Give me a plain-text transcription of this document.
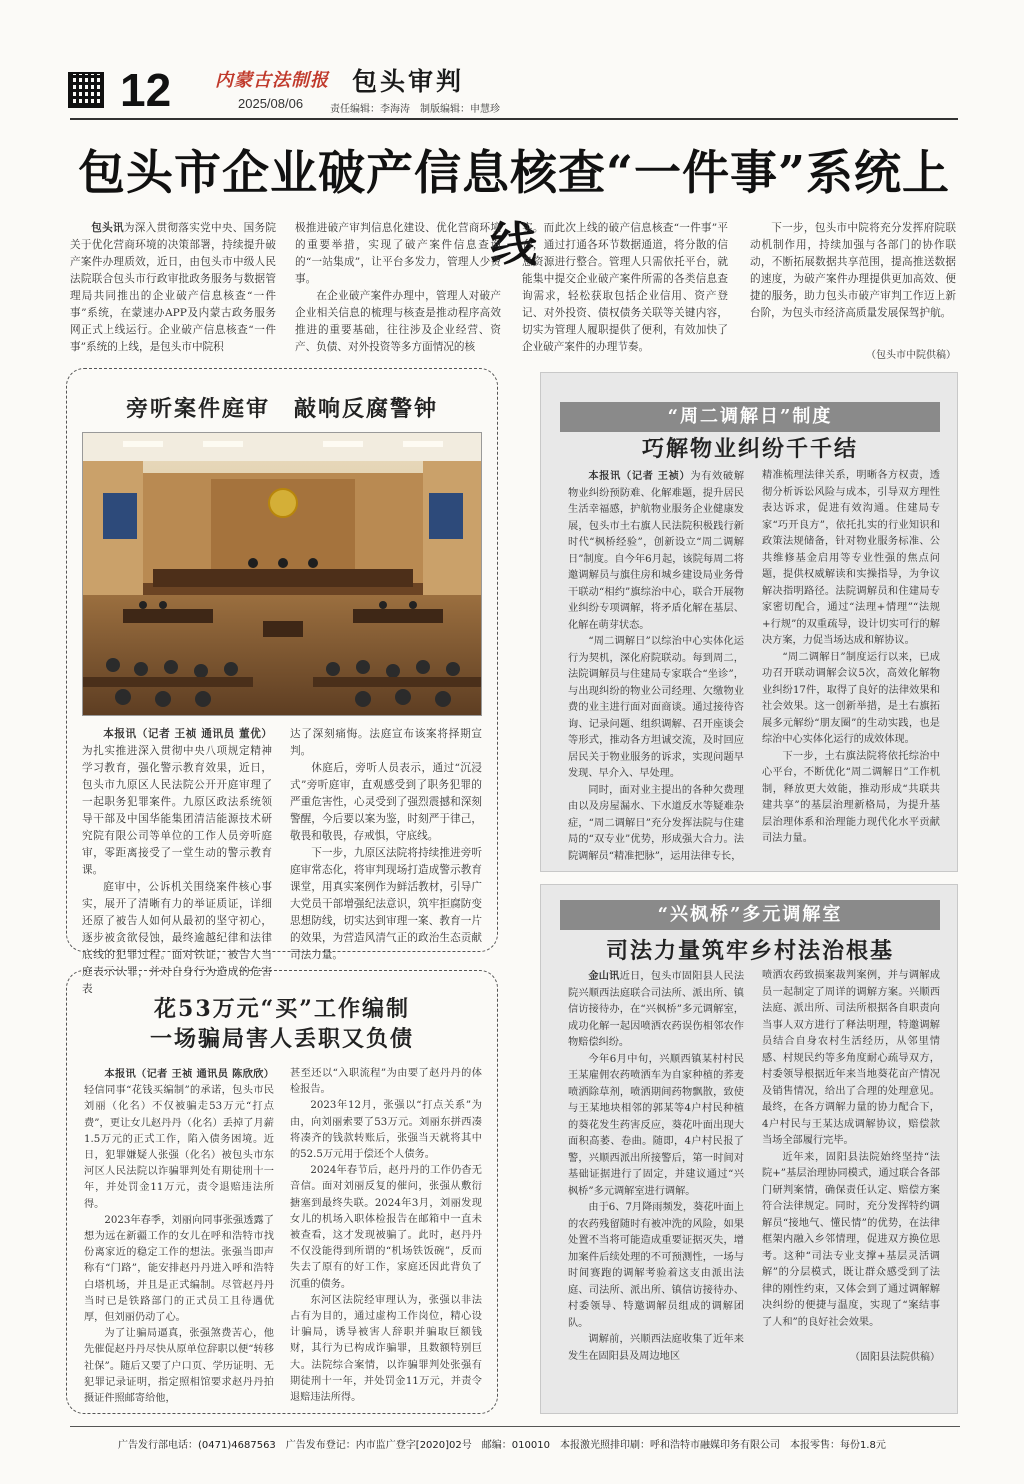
12 内蒙古法制报
2025/08/06
包头审判
责任编辑：李海涛　制版编辑：申慧珍
包头市企业破产信息核查“一件事”系统上线

包头讯为深入贯彻落实党中央、国务院关于优化营商环境的决策部署，持续提升破产案件办理质效，近日，由包头市中级人民法院联合包头市行政审批政务服务与数据管理局共同推出的企业破产信息核查“一件事”系统，在蒙速办APP及内蒙古政务服务网正式上线运行。企业破产信息核查“一件事”系统的上线，是包头市中院积

极推进破产审判信息化建设、优化营商环境的重要举措，实现了破产案件信息查询的“一站集成”，让平台多发力，管理人少费事。

在企业破产案件办理中，管理人对破产企业相关信息的梳理与核查是推动程序高效推进的重要基础，往往涉及企业经营、资产、负债、对外投资等多方面情况的核

实。而此次上线的破产信息核查“一件事”平台，通过打通各环节数据通道，将分散的信息资源进行整合。管理人只需依托平台，就能集中提交企业破产案件所需的各类信息查询需求，轻松获取包括企业信用、资产登记、对外投资、债权债务关联等关键内容，切实为管理人履职提供了便利，有效加快了企业破产案件的办理节奏。

下一步，包头市中院将充分发挥府院联动机制作用，持续加强与各部门的协作联动，不断拓展数据共享范围，提高推送数据的速度，为破产案件办理提供更加高效、便捷的服务，助力包头市破产审判工作迈上新台阶，为包头市经济高质量发展保驾护航。

（包头市中院供稿）
旁听案件庭审　敲响反腐警钟

本报讯（记者 王祯 通讯员 董优）为扎实推进深入贯彻中央八项规定精神学习教育，强化警示教育效果，近日，包头市九原区人民法院公开开庭审理了一起职务犯罪案件。九原区政法系统领导干部及中国华能集团清洁能源技术研究院有限公司等单位的工作人员旁听庭审，零距离接受了一堂生动的警示教育课。

庭审中，公诉机关围绕案件核心事实，展开了清晰有力的举证质证，详细还原了被告人如何从最初的坚守初心，逐步被贪欲侵蚀，最终逾越纪律和法律底线的犯罪过程。面对铁证，被告人当庭表示认罪，并对自身行为造成的危害表

达了深刻痛悔。法庭宣布该案将择期宣判。

休庭后，旁听人员表示，通过“沉浸式”旁听庭审，直观感受到了职务犯罪的严重危害性，心灵受到了强烈震撼和深刻警醒，今后要以案为鉴，时刻严于律己，敬畏和敬畏，存戒惧，守底线。

下一步，九原区法院将持续推进旁听庭审常态化，将审判现场打造成警示教育课堂，用真实案例作为鲜活教材，引导广大党员干部增强纪法意识，筑牢拒腐防变思想防线，切实达到审理一案、教育一片的效果，为营造风清气正的政治生态贡献司法力量。

花53万元“买”工作编制
一场骗局害人丢职又负债

本报讯（记者 王祯 通讯员 陈欣欣）轻信同事“花钱买编制”的承诺，包头市民刘丽（化名）不仅被骗走53万元“打点费”，更让女儿赵丹丹（化名）丢掉了月薪1.5万元的正式工作，陷入债务困境。近日，犯罪嫌疑人张强（化名）被包头市东河区人民法院以诈骗罪判处有期徒刑十一年，并处罚金11万元，责令退赔违法所得。

2023年春季，刘丽向同事张强透露了想为远在新疆工作的女儿在呼和浩特市找份离家近的稳定工作的想法。张强当即声称有“门路”，能安排赵丹丹进入呼和浩特白塔机场，并且是正式编制。尽管赵丹丹当时已是铁路部门的正式员工且待遇优厚，但刘丽仍动了心。

为了让骗局逼真，张强煞费苦心，他先催促赵丹丹尽快从原单位辞职以便“转移社保”。随后又要了户口页、学历证明、无犯罪记录证明，指定照相馆要求赵丹丹拍摄证件照邮寄给他，

甚至还以“入职流程”为由要了赵丹丹的体检报告。

2023年12月，张强以“打点关系”为由，向刘丽索要了53万元。刘丽东拼西凑将凑齐的钱款转账后，张强当天就将其中的52.5万元用于偿还个人债务。

2024年春节后，赵丹丹的工作仍杳无音信。面对刘丽反复的催问，张强从敷衍搪塞到最终失联。2024年3月，刘丽发现女儿的机场入职体检报告在邮箱中一直未被查看，这才发现被骗了。此时，赵丹丹不仅没能得到所谓的“机场铁饭碗”，反而失去了原有的好工作，家庭还因此背负了沉重的债务。

东河区法院经审理认为，张强以非法占有为目的，通过虚构工作岗位，精心设计骗局，诱导被害人辞职并骗取巨额钱财，其行为已构成诈骗罪，且数额特别巨大。法院综合案情，以诈骗罪判处张强有期徒刑十一年，并处罚金11万元，并责令退赔违法所得。

“周二调解日”制度
巧解物业纠纷千千结

本报讯（记者 王祯）为有效破解物业纠纷预防难、化解难题，提升居民生活幸福感，护航物业服务企业健康发展，包头市土右旗人民法院积极践行新时代“枫桥经验”，创新设立“周二调解日”制度。自今年6月起，该院每周二将邀调解员与旗住房和城乡建设局业务骨干联动“相约”旗综治中心，联合开展物业纠纷专项调解，将矛盾化解在基层、化解在萌芽状态。

“周二调解日”以综治中心实体化运行为契机，深化府院联动。每到周二，法院调解员与住建局专家联合“坐诊”，与出现纠纷的物业公司经理、欠缴物业费的业主进行面对面商谈。通过接待咨询、记录问题、组织调解、召开座谈会等形式，推动各方坦诚交流，及时回应居民关于物业服务的诉求，实现问题早发现、早介入、早处理。

同时，面对业主提出的各种欠费理由以及房屋漏水、下水道反水等疑难杂症，“周二调解日”充分发挥法院与住建局的“双专业”优势，形成强大合力。法院调解员“精准把脉”，运用法律专长，

精准梳理法律关系，明晰各方权责，透彻分析诉讼风险与成本，引导双方理性表达诉求，促进有效沟通。住建局专家“巧开良方”，依托扎实的行业知识和政策法规储备，针对物业服务标准、公共维修基金启用等专业性强的焦点问题，提供权威解读和实操指导，为争议解决指明路径。法院调解员和住建局专家密切配合，通过“法理+情理”“法规+行规”的双重疏导，设计切实可行的解决方案，力促当场达成和解协议。

“周二调解日”制度运行以来，已成功召开联动调解会议5次，高效化解物业纠纷17件，取得了良好的法律效果和社会效果。这一创新举措，是土右旗拓展多元解纷“朋友圈”的生动实践，也是综治中心实体化运行的成效体现。

下一步，土右旗法院将依托综治中心平台，不断优化“周二调解日”工作机制，释放更大效能，推动形成“共联共建共享”的基层治理新格局，为提升基层治理体系和治理能力现代化水平贡献司法力量。

“兴枫桥”多元调解室
司法力量筑牢乡村法治根基

金山讯近日，包头市固阳县人民法院兴顺西法庭联合司法所、派出所、镇信访接待办，在“兴枫桥”多元调解室，成功化解一起因喷洒农药误伤相邻农作物赔偿纠纷。

今年6月中旬，兴顺西镇某村村民王某雇佣农药喷洒车为自家种植的荞麦喷洒除草剂，喷洒期间药物飘散，致使与王某地块相邻的郭某等4户村民种植的葵花发生药害反应，葵花叶面出现大面积高萎、卷曲。随即，4户村民报了警，兴顺西派出所接警后，第一时间对基础证据进行了固定，并建议通过“兴枫桥”多元调解室进行调解。

由于6、7月降雨频发，葵花叶面上的农药残留随时有被冲洗的风险，如果处置不当将可能造成重要证据灭失，增加案件后续处理的不可预测性，一场与时间赛跑的调解考验着这支由派出法庭、司法所、派出所、镇信访接待办、村委领导、特邀调解员组成的调解团队。

调解前，兴顺西法庭收集了近年来发生在固阳县及周边地区

喷洒农药致损案裁判案例，并与调解成员一起制定了周详的调解方案。兴顺西法庭、派出所、司法所根据各自职责向当事人双方进行了释法明理，特邀调解员结合自身农村生活经历，从邻里情感、村规民约等多角度耐心疏导双方，村委领导根据近年来当地葵花亩产情况及销售情况，给出了合理的处理意见。最终，在各方调解力量的协力配合下，4户村民与王某达成调解协议，赔偿款当场全部履行完毕。

近年来，固阳县法院始终坚持“法院+”基层治理协同模式，通过联合各部门研判案情，确保责任认定、赔偿方案符合法律规定。同时，充分发挥特约调解员“接地气、懂民情”的优势，在法律框架内融入乡邻情理，促进双方换位思考。这种“司法专业支撑+基层灵活调解”的分层模式，既让群众感受到了法律的刚性约束，又体会到了通过调解解决纠纷的便捷与温度，实现了“案结事了人和”的良好社会效果。

（固阳县法院供稿）
广告发行部电话：(0471)4687563　广告发布登记：内市监广登字[2020]02号　邮编：010010　本报激光照排印刷：呼和浩特市融媒印务有限公司　本报零售：每份1.8元
